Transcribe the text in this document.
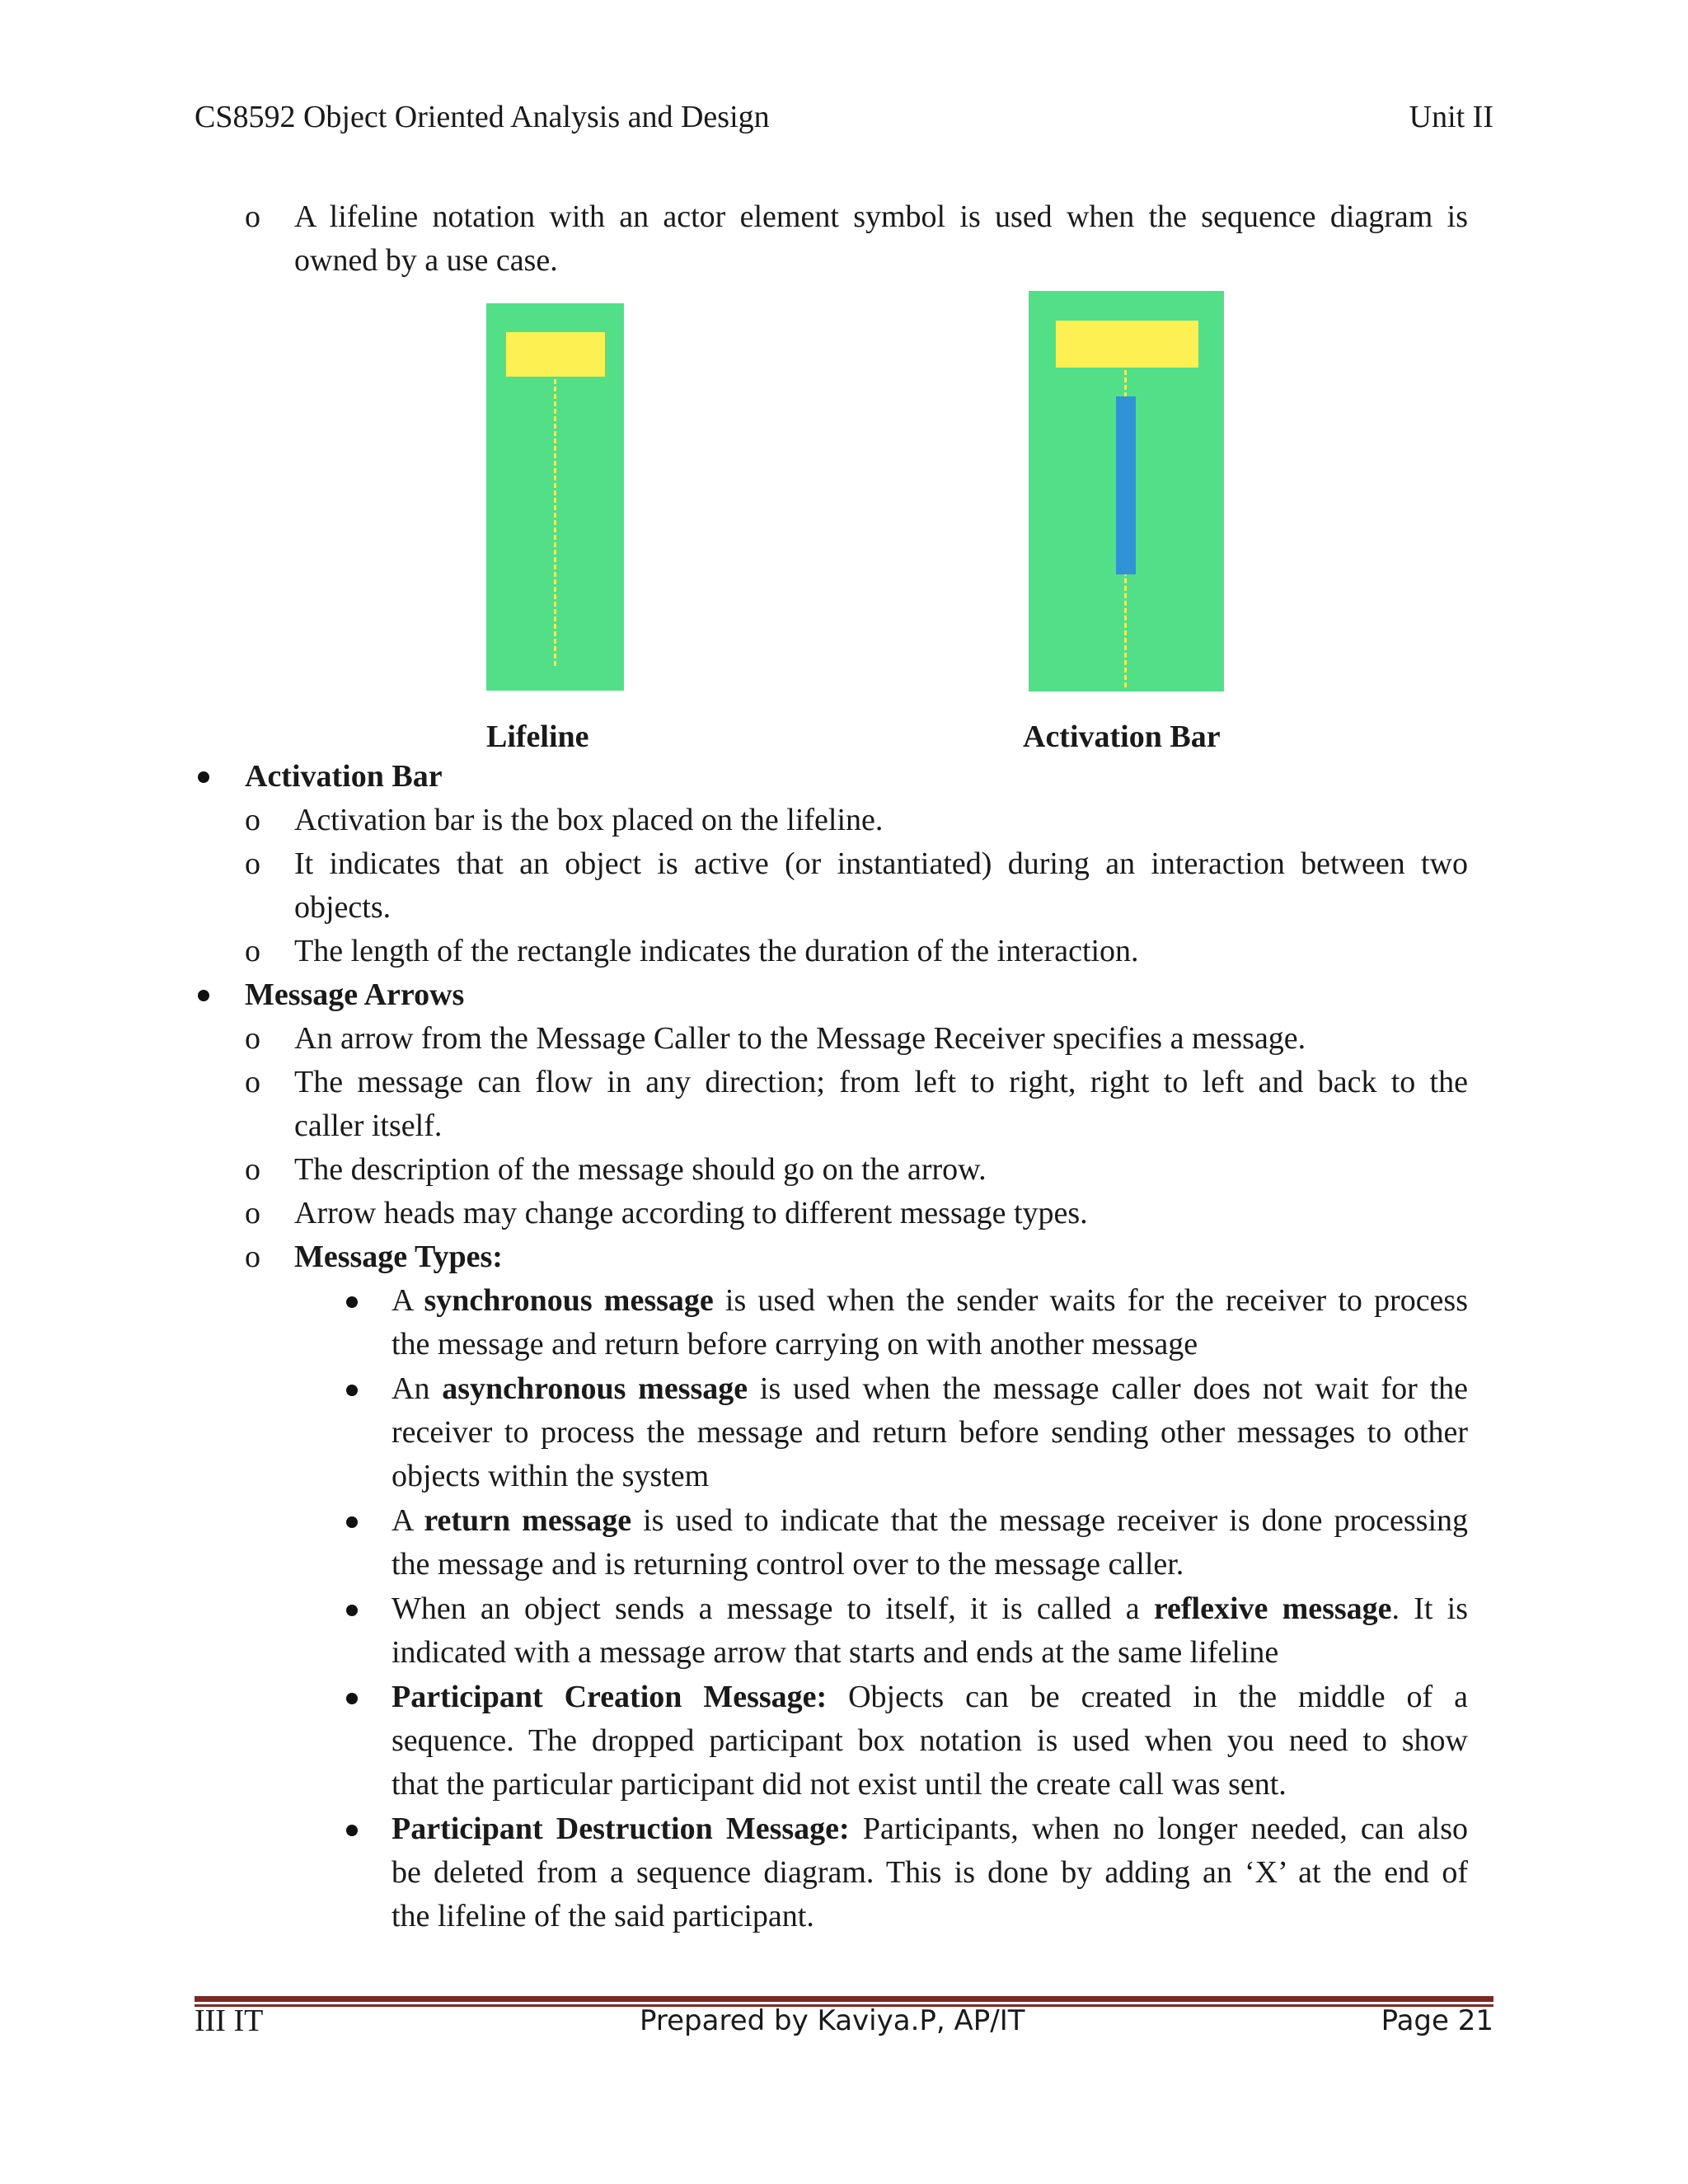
CS8592 Object Oriented Analysis and Design	Unit II
o A lifeline notation with an actor element symbol is used when the sequence diagram is
owned by a use case.
Lifeline	Activation Bar
Activation Bar
o Activation bar is the box placed on the lifeline.
o It indicates that an object is active (or instantiated) during an interaction between two
objects.
o The length of the rectangle indicates the duration of the interaction.
Message Arrows
o An arrow from the Message Caller to the Message Receiver specifies a message.
o The message can flow in any direction; from left to right, right to left and back to the
caller itself.
o The description of the message should go on the arrow.
o Arrow heads may change according to different message types.
o Message Types:
A synchronous message is used when the sender waits for the receiver to process
the message and return before carrying on with another message
An asynchronous message is used when the message caller does not wait for the
receiver to process the message and return before sending other messages to other
objects within the system
A return message is used to indicate that the message receiver is done processing
the message and is returning control over to the message caller.
When an object sends a message to itself, it is called a reflexive message. It is
indicated with a message arrow that starts and ends at the same lifeline
Participant Creation Message: Objects can be created in the middle of a
sequence. The dropped participant box notation is used when you need to show
that the particular participant did not exist until the create call was sent.
Participant Destruction Message: Participants, when no longer needed, can also
be deleted from a sequence diagram. This is done by adding an ‘X’ at the end of
the lifeline of the said participant.
III IT	Prepared by Kaviya.P, AP/IT	Page 21
